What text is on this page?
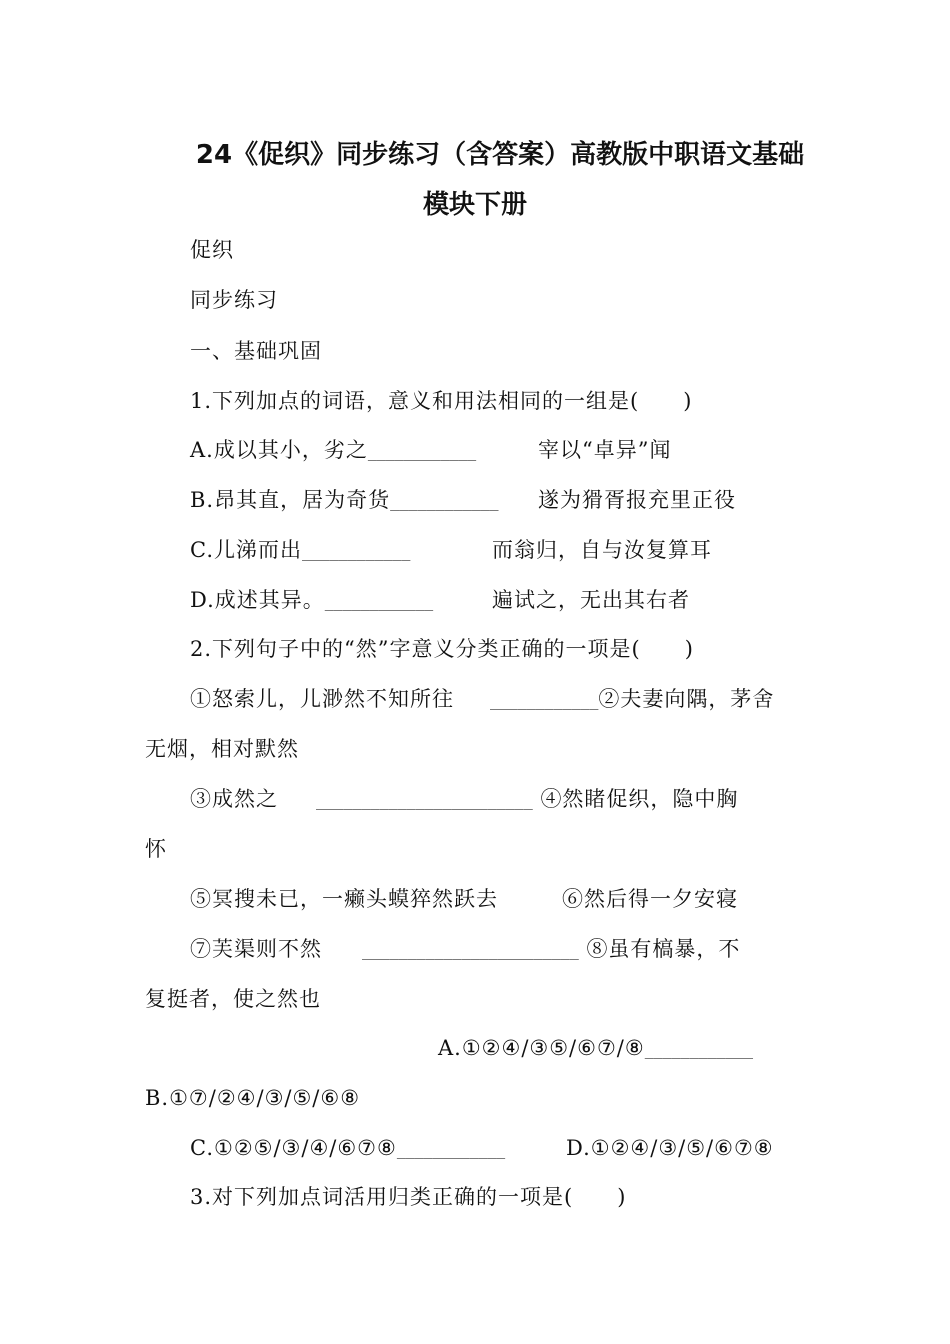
24《促织》同步练习（含答案）高教版中职语文基础
模块下册
促织
同步练习
一、基础巩固
1.下列加点的词语，意义和用法相同的一组是(　　)
A.成以其小，劣之____________	宰以“卓异”闻
B.昂其直，居为奇货____________ 遂为猾胥报充里正役
C.儿涕而出____________	而翁归，自与汝复算耳
D.成述其异。____________	遍试之，无出其右者
2.下列句子中的“然”字意义分类正确的一项是(　　)
①怒索儿，儿渺然不知所往 ____________②夫妻向隅，茅舍
无烟，相对默然
③成然之	________________________ ④然睹促织，隐中胸
怀
⑤冥搜未已，一癞头蟆猝然跃去	⑥然后得一夕安寝
⑦芙渠则不然	________________________ ⑧虽有槁暴，不
复挺者，使之然也
A.①②④/③⑤/⑥⑦/⑧____________
B.①⑦/②④/③/⑤/⑥⑧
C.①②⑤/③/④/⑥⑦⑧____________	D.①②④/③/⑤/⑥⑦⑧
3.对下列加点词活用归类正确的一项是(　　)
